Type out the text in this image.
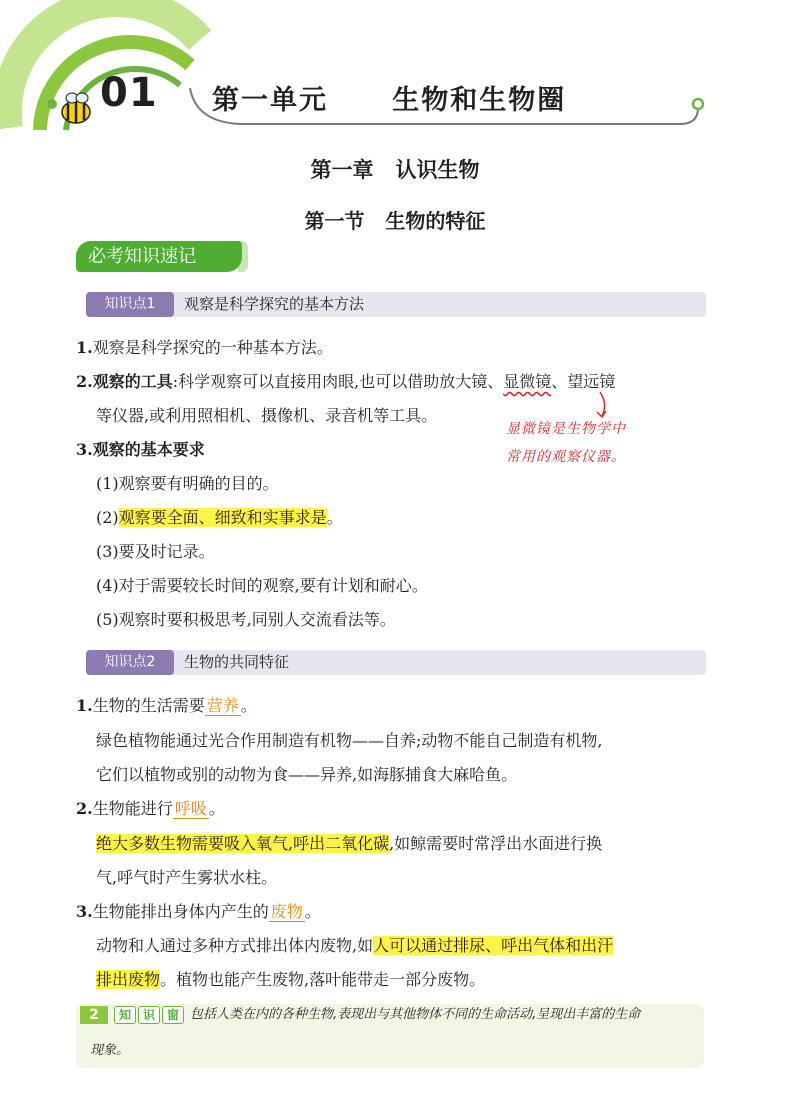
01 第一单元   生物和生物圈
第一章   认识生物
第一节   生物的特征
必考知识速记
知识点1	观察是科学探究的基本方法
1.观察是科学探究的一种基本方法。
2.观察的工具:科学观察可以直接用肉眼,也可以借助放大镜、显微镜、望远镜
等仪器,或利用照相机、摄像机、录音机等工具。
显微镜是生物学中
常用的观察仪器。
3.观察的基本要求
(1)观察要有明确的目的。
(2)观察要全面、细致和实事求是。
(3)要及时记录。
(4)对于需要较长时间的观察,要有计划和耐心。
(5)观察时要积极思考,同别人交流看法等。
知识点2	生物的共同特征
1.生物的生活需要 营养 。
绿色植物能通过光合作用制造有机物——自养;动物不能自己制造有机物,
它们以植物或别的动物为食——异养,如海豚捕食大麻哈鱼。
2.生物能进行 呼吸 。
绝大多数生物需要吸入氧气,呼出二氧化碳,如鲸需要时常浮出水面进行换
气,呼气时产生雾状水柱。
3.生物能排出身体内产生的 废物 。
动物和人通过多种方式排出体内废物,如人可以通过排尿、呼出气体和出汗
排出废物。植物也能产生废物,落叶能带走一部分废物。
2	知 识 窗 包括人类在内的各种生物,表现出与其他物体不同的生命活动,呈现出丰富的生命
现象。
